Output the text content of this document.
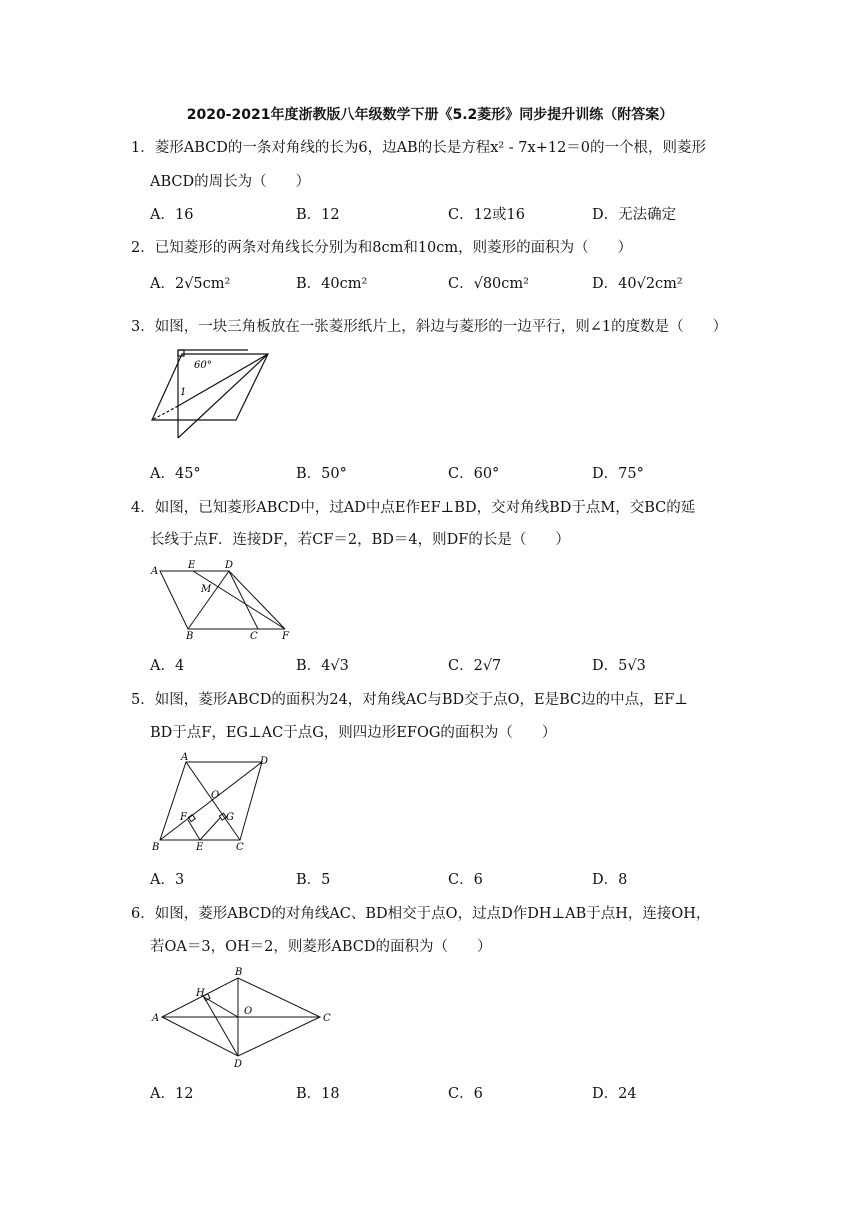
2020-2021年度浙教版八年级数学下册《5.2菱形》同步提升训练（附答案）
1．菱形ABCD的一条对角线的长为6，边AB的长是方程x² - 7x+12＝0的一个根，则菱形
ABCD的周长为（　　）
A．16	B．12	C．12或16	D．无法确定
2．已知菱形的两条对角线长分别为和8cm和10cm，则菱形的面积为（　　）
A．2√5cm²	B．40cm²	C．√80cm²	D．40√2cm²
3．如图，一块三角板放在一张菱形纸片上，斜边与菱形的一边平行，则∠1的度数是（　　）
60°
1
A．45°	B．50°	C．60°	D．75°
4．如图，已知菱形ABCD中，过AD中点E作EF⊥BD，交对角线BD于点M，交BC的延
长线于点F．连接DF，若CF＝2，BD＝4，则DF的长是（　　）
A
E	D
M
B	C F
A．4	B．4√3	C．2√7	D．5√3
5．如图，菱形ABCD的面积为24，对角线AC与BD交于点O，E是BC边的中点，EF⊥
BD于点F，EG⊥AC于点G，则四边形EFOG的面积为（　　）
A	D
O
F	G
B	E	C
A．3	B．5	C．6	D．8
6．如图，菱形ABCD的对角线AC、BD相交于点O，过点D作DH⊥AB于点H，连接OH，
若OA＝3，OH＝2，则菱形ABCD的面积为（　　）
B
H
A
O
C
D
A．12	B．18	C．6	D．24
